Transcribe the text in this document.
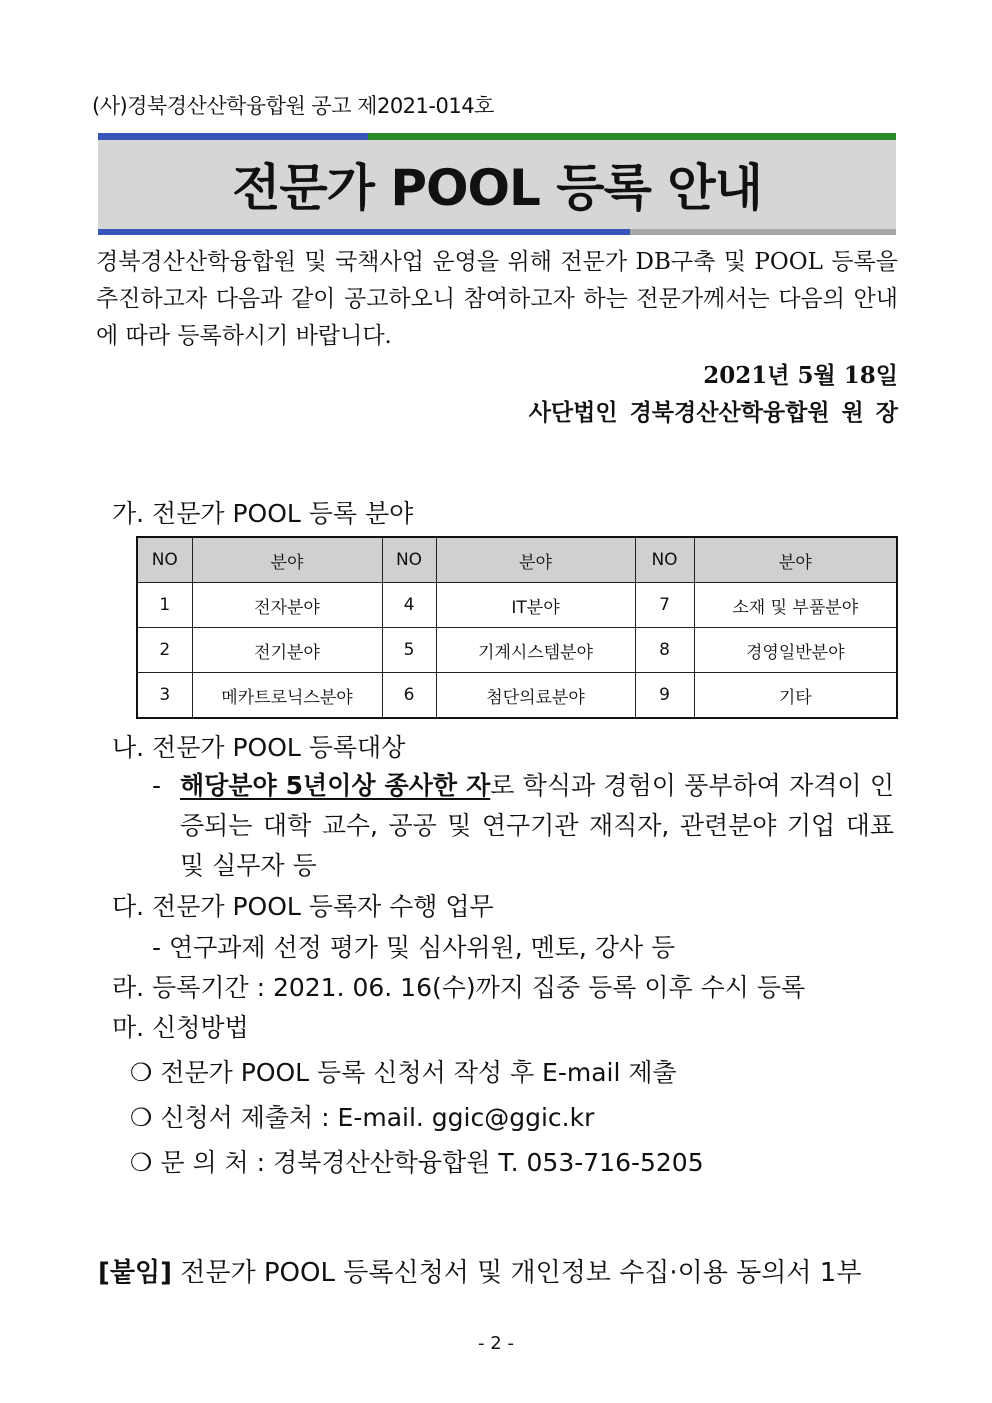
(사)경북경산산학융합원 공고 제2021-014호
전문가 POOL 등록 안내
경북경산산학융합원 및 국책사업 운영을 위해 전문가 DB구축 및 POOL 등록을 추진하고자 다음과 같이 공고하오니 참여하고자 하는 전문가께서는 다음의 안내에 따라 등록하시기 바랍니다.
2021년 5월 18일
사단법인 경북경산산학융합원 원 장
가. 전문가 POOL 등록 분야
NO	분야	NO	분야	NO	분야
1	전자분야	4	IT분야	7	소재 및 부품분야
2	전기분야	5	기계시스템분야	8	경영일반분야
3	메카트로닉스분야	6	첨단의료분야	9	기타
나. 전문가 POOL 등록대상
- 해당분야 5년이상 종사한 자로 학식과 경험이 풍부하여 자격이 인증되는 대학 교수, 공공 및 연구기관 재직자, 관련분야 기업 대표 및 실무자 등
다. 전문가 POOL 등록자 수행 업무
- 연구과제 선정 평가 및 심사위원, 멘토, 강사 등
라. 등록기간 : 2021. 06. 16(수)까지 집중 등록 이후 수시 등록
마. 신청방법
❍ 전문가 POOL 등록 신청서 작성 후 E-mail 제출
❍ 신청서 제출처 : E-mail. ggic@ggic.kr
❍ 문 의 처 : 경북경산산학융합원 T. 053-716-5205
[붙임] 전문가 POOL 등록신청서 및 개인정보 수집·이용 동의서 1부
- 2 -
